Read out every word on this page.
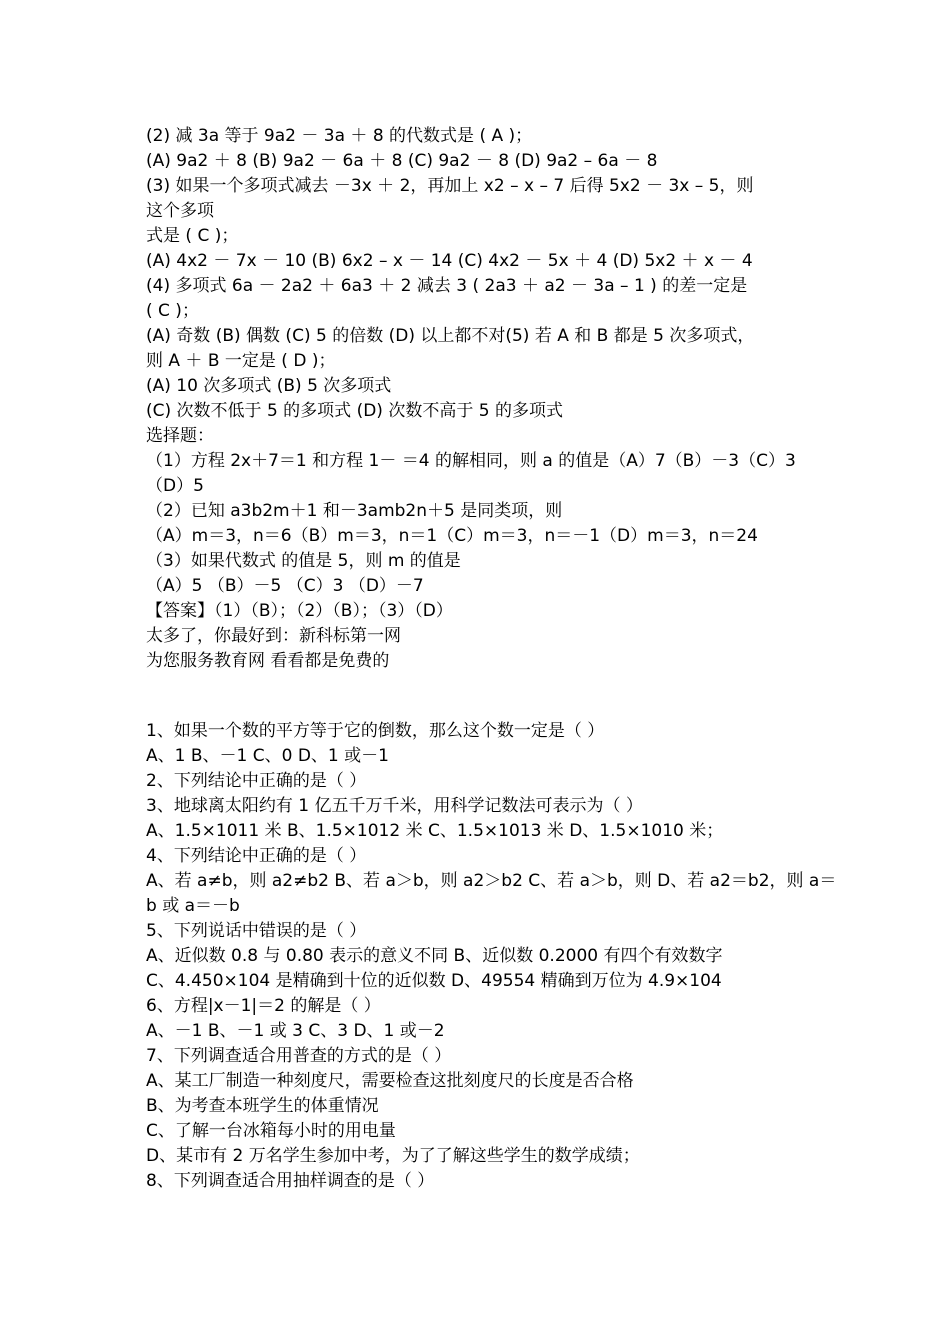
(2) 减 3a 等于 9a2 － 3a ＋ 8 的代数式是 ( A )；
(A) 9a2 ＋ 8 (B) 9a2 － 6a ＋ 8 (C) 9a2 － 8 (D) 9a2 – 6a － 8
(3) 如果一个多项式减去 －3x ＋ 2，再加上 x2 – x – 7 后得 5x2 － 3x – 5，则
这个多项
式是 ( C )；
(A) 4x2 － 7x － 10 (B) 6x2 – x － 14 (C) 4x2 － 5x ＋ 4 (D) 5x2 ＋ x － 4
(4) 多项式 6a － 2a2 ＋ 6a3 ＋ 2 减去 3 ( 2a3 ＋ a2 － 3a – 1 ) 的差一定是
( C )；
(A) 奇数 (B) 偶数 (C) 5 的倍数 (D) 以上都不对(5) 若 A 和 B 都是 5 次多项式，
则 A ＋ B 一定是 ( D )；
(A) 10 次多项式 (B) 5 次多项式
(C) 次数不低于 5 的多项式 (D) 次数不高于 5 的多项式
选择题：
（1）方程 2x＋7＝1 和方程 1－ ＝4 的解相同，则 a 的值是（A）7（B）－3（C）3
（D）5
（2）已知 a3b2m＋1 和－3amb2n＋5 是同类项，则
（A）m＝3，n＝6（B）m＝3，n＝1（C）m＝3，n＝－1（D）m＝3，n＝24
（3）如果代数式 的值是 5，则 m 的值是
（A）5 （B）－5 （C）3 （D）－7
【答案】（1）（B）；（2）（B）；（3）（D）
太多了，你最好到：新科标第一网
为您服务教育网 看看都是免费的
1、如果一个数的平方等于它的倒数，那么这个数一定是（ ）
A、1 B、－1 C、0 D、1 或－1
2、下列结论中正确的是（ ）
3、地球离太阳约有 1 亿五千万千米，用科学记数法可表示为（ ）
A、1.5×1011 米 B、1.5×1012 米 C、1.5×1013 米 D、1.5×1010 米；
4、下列结论中正确的是（ ）
A、若 a≠b，则 a2≠b2 B、若 a＞b，则 a2＞b2 C、若 a＞b，则 D、若 a2＝b2，则 a＝
b 或 a＝－b
5、下列说话中错误的是（ ）
A、近似数 0.8 与 0.80 表示的意义不同 B、近似数 0.2000 有四个有效数字
C、4.450×104 是精确到十位的近似数 D、49554 精确到万位为 4.9×104
6、方程|x－1|＝2 的解是（ ）
A、－1 B、－1 或 3 C、3 D、1 或－2
7、下列调查适合用普查的方式的是（ ）
A、某工厂制造一种刻度尺，需要检查这批刻度尺的长度是否合格
B、为考查本班学生的体重情况
C、了解一台冰箱每小时的用电量
D、某市有 2 万名学生参加中考，为了了解这些学生的数学成绩；
8、下列调查适合用抽样调查的是（ ）
